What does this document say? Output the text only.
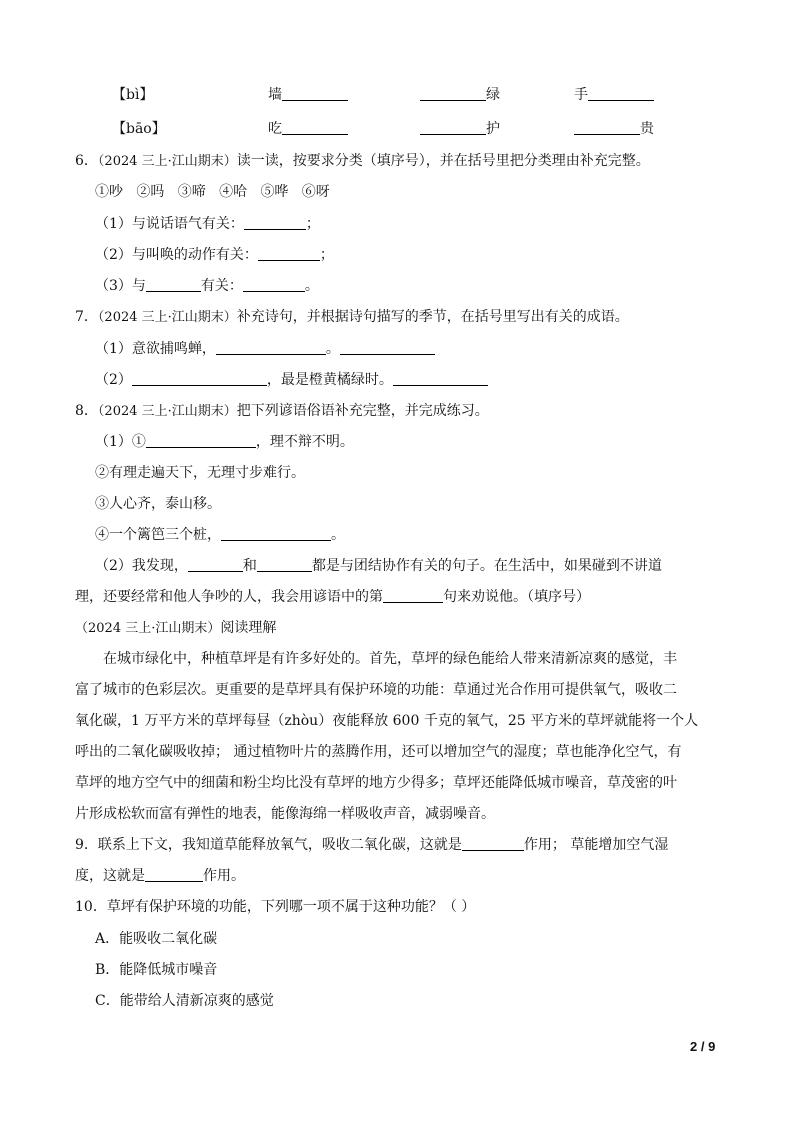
【bì】	墙	绿	手
【bāo】	吃	护	贵
6．（2024 三上·江山期末）读一读，按要求分类（填序号），并在括号里把分类理由补充完整。
①吵 ②吗 ③啼 ④哈 ⑤哗 ⑥呀
（1）与说话语气有关：	；
（2）与叫唤的动作有关：	；
（3）与	有关：	。
7．（2024 三上·江山期末）补充诗句，并根据诗句描写的季节，在括号里写出有关的成语。
（1）意欲捕鸣蝉，	。
（2）	，最是橙黄橘绿时。
8．（2024 三上·江山期末）把下列谚语俗语补充完整，并完成练习。
（1）①	，理不辩不明。
②有理走遍天下，无理寸步难行。
③人心齐，泰山移。
④一个篱笆三个桩，	。
（2）我发现，	和	都是与团结协作有关的句子。在生活中，如果碰到不讲道
理，还要经常和他人争吵的人，我会用谚语中的第	句来劝说他。（填序号）
（2024 三上·江山期末）阅读理解
在城市绿化中，种植草坪是有许多好处的。首先，草坪的绿色能给人带来清新凉爽的感觉，丰
富了城市的色彩层次。更重要的是草坪具有保护环境的功能：草通过光合作用可提供氧气，吸收二
氧化碳，1 万平方米的草坪每昼（zhòu）夜能释放 600 千克的氧气，25 平方米的草坪就能将一个人
呼出的二氧化碳吸收掉； 通过植物叶片的蒸腾作用，还可以增加空气的湿度；草也能净化空气，有
草坪的地方空气中的细菌和粉尘均比没有草坪的地方少得多；草坪还能降低城市噪音，草茂密的叶
片形成松软而富有弹性的地表，能像海绵一样吸收声音，减弱噪音。
9．联系上下文，我知道草能释放氧气，吸收二氧化碳，这就是	作用； 草能增加空气湿
度，这就是	作用。
10．草坪有保护环境的功能，下列哪一项不属于这种功能？（ ）
A．能吸收二氧化碳
B．能降低城市噪音
C．能带给人清新凉爽的感觉
2 / 9
